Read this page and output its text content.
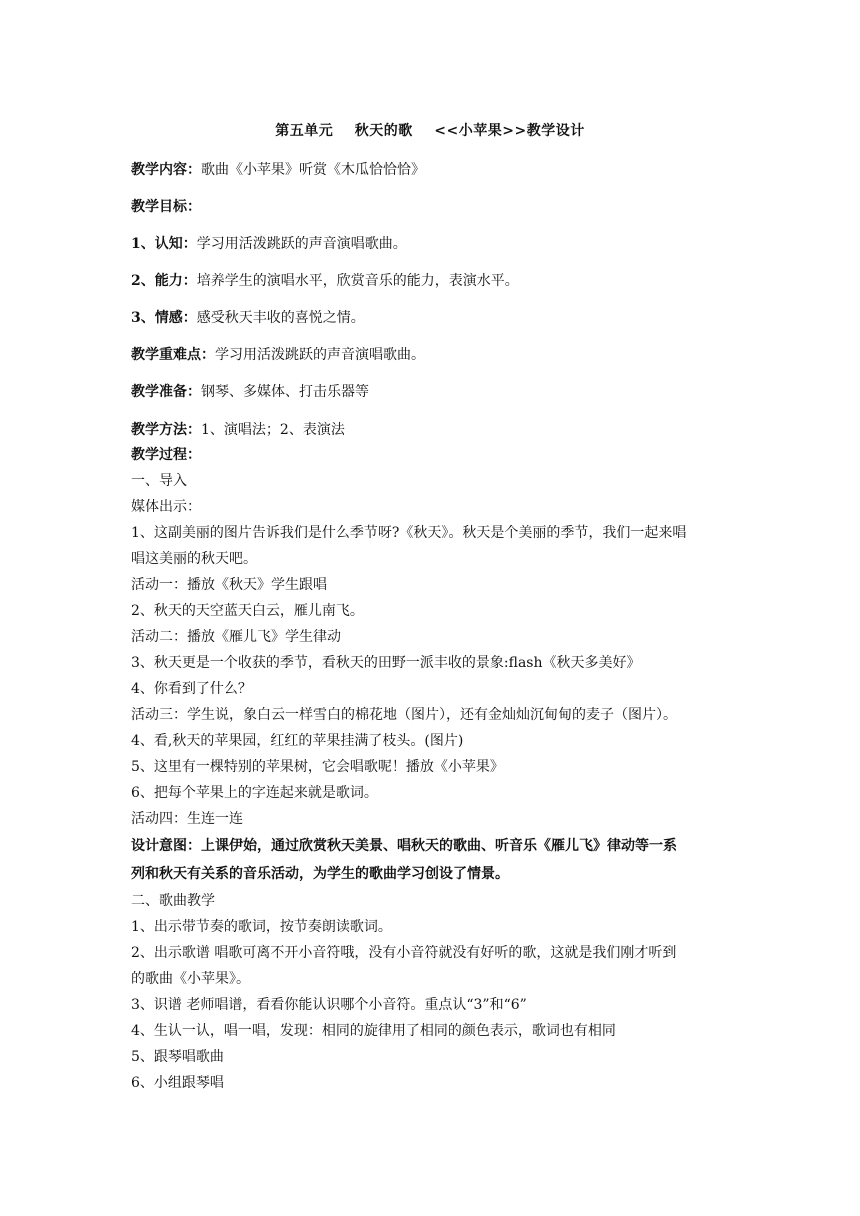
第五单元    秋天的歌    <<小苹果>>教学设计
教学内容：歌曲《小苹果》听赏《木瓜恰恰恰》
教学目标：
1、认知：学习用活泼跳跃的声音演唱歌曲。
2、能力：培养学生的演唱水平，欣赏音乐的能力，表演水平。
3、情感：感受秋天丰收的喜悦之情。
教学重难点：学习用活泼跳跃的声音演唱歌曲。
教学准备：钢琴、多媒体、打击乐器等
教学方法：1、演唱法；2、表演法
教学过程：
一、导入
媒体出示：
1、这副美丽的图片告诉我们是什么季节呀?《秋天》。秋天是个美丽的季节，我们一起来唱
唱这美丽的秋天吧。
活动一：播放《秋天》学生跟唱
2、秋天的天空蓝天白云，雁儿南飞。
活动二：播放《雁儿飞》学生律动
3、秋天更是一个收获的季节，看秋天的田野一派丰收的景象:flash《秋天多美好》
4、你看到了什么？
活动三：学生说，象白云一样雪白的棉花地（图片），还有金灿灿沉甸甸的麦子（图片）。
4、看,秋天的苹果园，红红的苹果挂满了枝头。(图片)
5、这里有一棵特别的苹果树，它会唱歌呢！播放《小苹果》
6、把每个苹果上的字连起来就是歌词。
活动四：生连一连
设计意图：上课伊始，通过欣赏秋天美景、唱秋天的歌曲、听音乐《雁儿飞》律动等一系
列和秋天有关系的音乐活动，为学生的歌曲学习创设了情景。
二、歌曲教学
1、出示带节奏的歌词，按节奏朗读歌词。
2、出示歌谱 唱歌可离不开小音符哦，没有小音符就没有好听的歌，这就是我们刚才听到
的歌曲《小苹果》。
3、识谱 老师唱谱，看看你能认识哪个小音符。重点认“3”和“6”
4、生认一认，唱一唱，发现：相同的旋律用了相同的颜色表示，歌词也有相同
5、跟琴唱歌曲
6、小组跟琴唱
